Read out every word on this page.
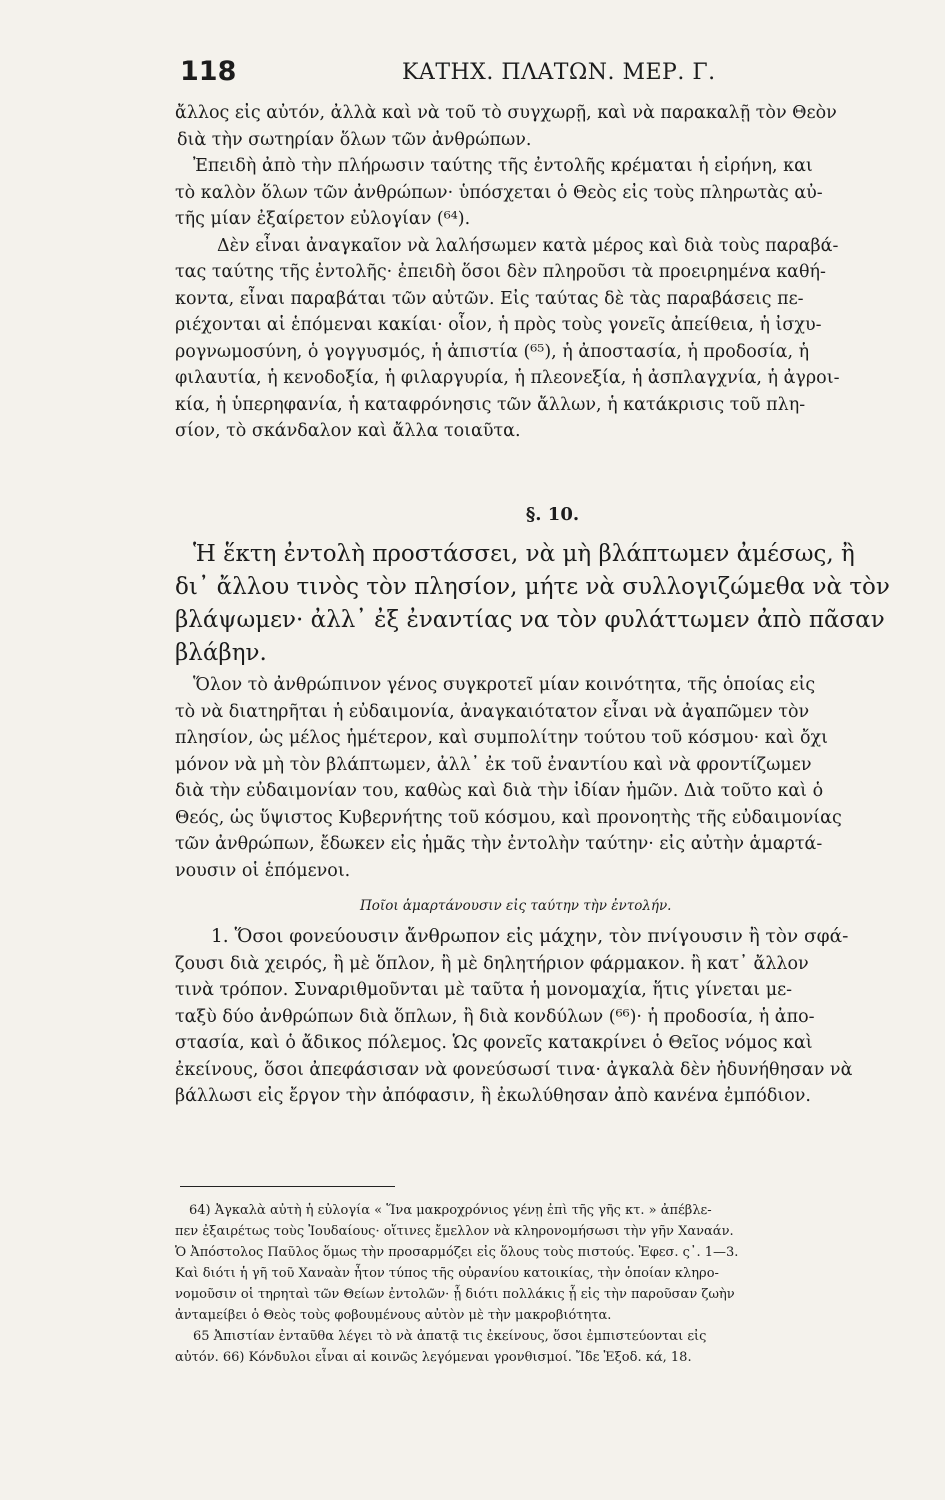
118	ΚΑΤΗΧ. ΠΛΑΤΩΝ. ΜΕΡ. Γ.
ἄλλος εἰς αὐτόν, ἀλλὰ καὶ νὰ τοῦ τὸ συγχωρῇ, καὶ νὰ παρακαλῇ τὸν Θεὸν
διὰ τὴν σωτηρίαν ὅλων τῶν ἀνθρώπων.
Ἐπειδὴ ἀπὸ τὴν πλήρωσιν ταύτης τῆς ἐντολῆς κρέμαται ἡ εἰρήνη, και
τὸ καλὸν ὅλων τῶν ἀνθρώπων· ὑπόσχεται ὁ Θεὸς εἰς τοὺς πληρωτὰς αὐ-
τῆς μίαν ἐξαίρετον εὐλογίαν (⁶⁴).
Δὲν εἶναι ἀναγκαῖον νὰ λαλήσωμεν κατὰ μέρος καὶ διὰ τοὺς παραβά-
τας ταύτης τῆς ἐντολῆς· ἐπειδὴ ὅσοι δὲν πληροῦσι τὰ προειρημένα καθή-
κοντα, εἶναι παραβάται τῶν αὐτῶν. Εἰς ταύτας δὲ τὰς παραβάσεις πε-
ριέχονται αἱ ἑπόμεναι κακίαι· οἷον, ἡ πρὸς τοὺς γονεῖς ἀπείθεια, ἡ ἰσχυ-
ρογνωμοσύνη, ὁ γογγυσμός, ἡ ἀπιστία (⁶⁵), ἡ ἀποστασία, ἡ προδοσία, ἡ
φιλαυτία, ἡ κενοδοξία, ἡ φιλαργυρία, ἡ πλεονεξία, ἡ ἀσπλαγχνία, ἡ ἀγροι-
κία, ἡ ὑπερηφανία, ἡ καταφρόνησις τῶν ἄλλων, ἡ κατάκρισις τοῦ πλη-
σίον, τὸ σκάνδαλον καὶ ἄλλα τοιαῦτα.
§. 10.
Ἡ ἕκτη ἐντολὴ προστάσσει, νὰ μὴ βλάπτωμεν ἀμέσως, ἢ
δι᾽ ἄλλου τινὸς τὸν πλησίον, μήτε νὰ συλλογιζώμεθα νὰ τὸν
βλάψωμεν· ἀλλ᾽ ἐξ ἐναντίας να τὸν φυλάττωμεν ἀπὸ πᾶσαν
βλάβην.
Ὅλον τὸ ἀνθρώπινον γένος συγκροτεῖ μίαν κοινότητα, τῆς ὁποίας εἰς
τὸ νὰ διατηρῆται ἡ εὐδαιμονία, ἀναγκαιότατον εἶναι νὰ ἀγαπῶμεν τὸν
πλησίον, ὡς μέλος ἡμέτερον, καὶ συμπολίτην τούτου τοῦ κόσμου· καὶ ὄχι
μόνον νὰ μὴ τὸν βλάπτωμεν, ἀλλ᾽ ἐκ τοῦ ἐναντίου καὶ νὰ φροντίζωμεν
διὰ τὴν εὐδαιμονίαν του, καθὼς καὶ διὰ τὴν ἰδίαν ἡμῶν. Διὰ τοῦτο καὶ ὁ
Θεός, ὡς ὕψιστος Κυβερνήτης τοῦ κόσμου, καὶ προνοητὴς τῆς εὐδαιμονίας
τῶν ἀνθρώπων, ἔδωκεν εἰς ἡμᾶς τὴν ἐντολὴν ταύτην· εἰς αὐτὴν ἁμαρτά-
νουσιν οἱ ἑπόμενοι.
Ποῖοι ἁμαρτάνουσιν εἰς ταύτην τὴν ἐντολήν.
1. Ὅσοι φονεύουσιν ἄνθρωπον εἰς μάχην, τὸν πνίγουσιν ἢ τὸν σφά-
ζουσι διὰ χειρός, ἢ μὲ ὅπλον, ἢ μὲ δηλητήριον φάρμακον. ἢ κατ᾽ ἄλλον
τινὰ τρόπον. Συναριθμοῦνται μὲ ταῦτα ἡ μονομαχία, ἥτις γίνεται με-
ταξὺ δύο ἀνθρώπων διὰ ὅπλων, ἢ διὰ κονδύλων (⁶⁶)· ἡ προδοσία, ἡ ἀπο-
στασία, καὶ ὁ ἄδικος πόλεμος. Ὡς φονεῖς κατακρίνει ὁ Θεῖος νόμος καὶ
ἐκείνους, ὅσοι ἀπεφάσισαν νὰ φονεύσωσί τινα· ἀγκαλὰ δὲν ἠδυνήθησαν νὰ
βάλλωσι εἰς ἔργον τὴν ἀπόφασιν, ἢ ἐκωλύθησαν ἀπὸ κανένα ἐμπόδιον.
64) Ἀγκαλὰ αὐτὴ ἡ εὐλογία « Ἵνα μακροχρόνιος γένῃ ἐπὶ τῆς γῆς κτ. » ἀπέβλε-
πεν ἐξαιρέτως τοὺς Ἰουδαίους· οἵτινες ἔμελλον νὰ κληρονομήσωσι τὴν γῆν Χαναάν.
Ὁ Ἀπόστολος Παῦλος ὅμως τὴν προσαρμόζει εἰς ὅλους τοὺς πιστούς. Ἐφεσ. ς᾽. 1—3.
Καὶ διότι ἡ γῆ τοῦ Χαναὰν ἦτον τύπος τῆς οὐρανίου κατοικίας, τὴν ὁποίαν κληρο-
νομοῦσιν οἱ τηρηταὶ τῶν Θείων ἐντολῶν· ᾗ διότι πολλάκις ᾗ εἰς τὴν παροῦσαν ζωὴν
ἀνταμείβει ὁ Θεὸς τοὺς φοβουμένους αὐτὸν μὲ τὴν μακροβιότητα.
65 Ἀπιστίαν ἐνταῦθα λέγει τὸ νὰ ἀπατᾷ τις ἐκείνους, ὅσοι ἐμπιστεύονται εἰς
αὐτόν. 66) Κόνδυλοι εἶναι αἱ κοινῶς λεγόμεναι γρονθισμοί. Ἴδε Ἐξοδ. κά, 18.
